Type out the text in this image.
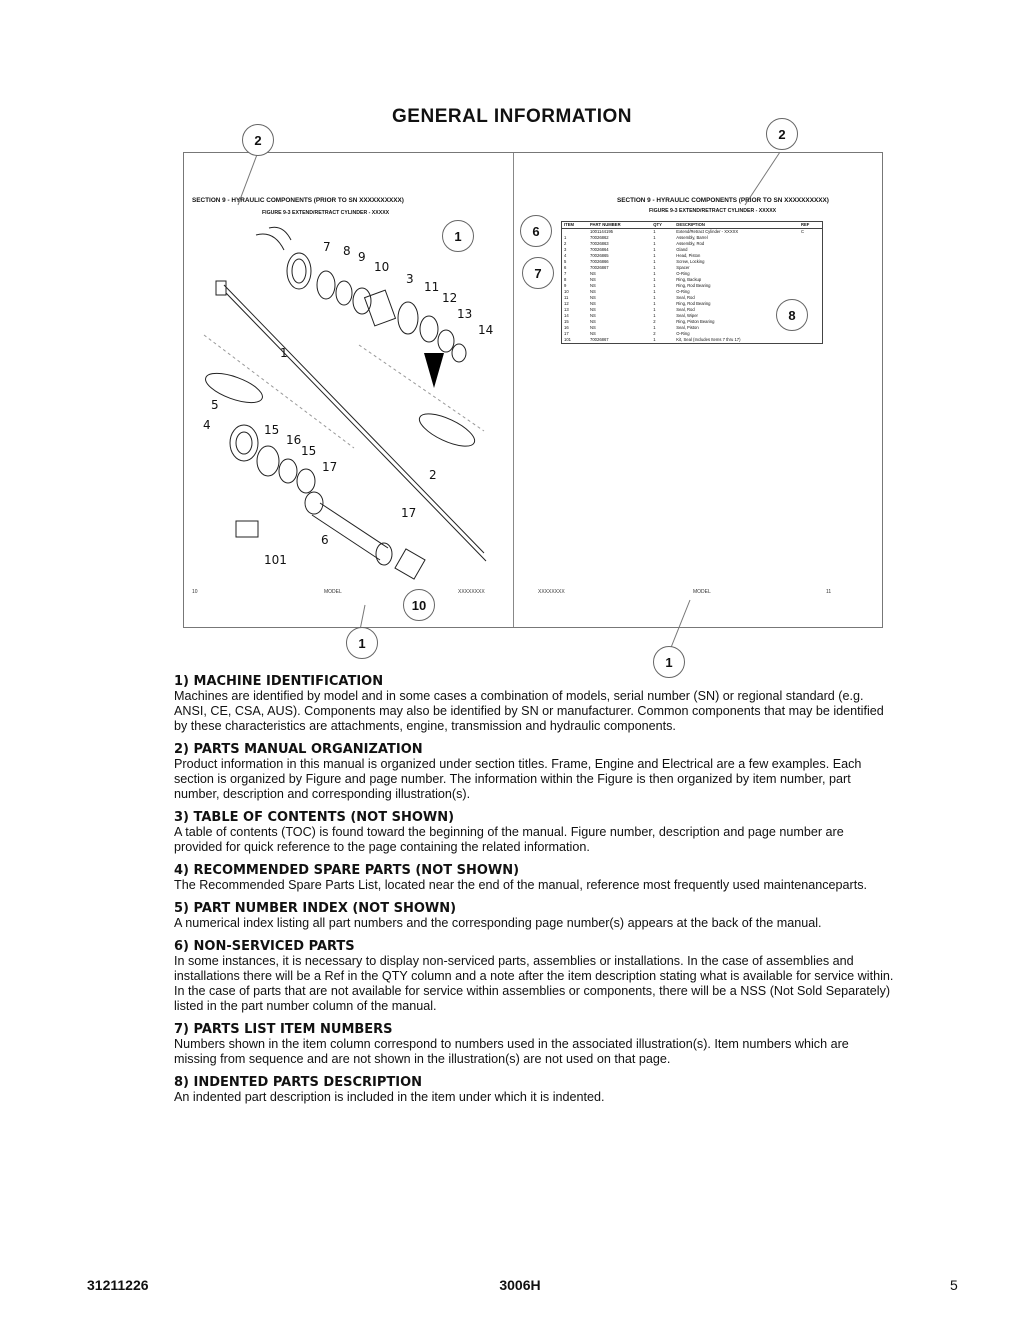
GENERAL INFORMATION
SECTION 9 - HYRAULIC COMPONENTS (PRIOR TO SN XXXXXXXXXX)
FIGURE 9-3 EXTEND/RETRACT CYLINDER - XXXXX
SECTION 9 - HYRAULIC COMPONENTS (PRIOR TO SN XXXXXXXXXX)
FIGURE 9-3 EXTEND/RETRACT CYLINDER - XXXXX
7 8 9
10
3
11
12
13
14
1
5
4	15
16
15
17
2
17
6
101
ITEM	PART NUMBER	QTY	DESCRIPTION	REF
	1001144195	1	Extend/Retract Cylinder - XXXXX	C
1	70026862	1	Assembly, Barrel	
2	70026863	1	Assembly, Rod	
3	70026864	1	Gland	
4	70026865	1	Head, Piston	
5	70026866	1	Screw, Locking	
6	70026867	1	Spacer	
7	NS	1	O-Ring	
8	NS	1	Ring, Backup	
9	NS	1	Ring, Rod Bearing	
10	NS	1	O-Ring	
11	NS	1	Seal, Rod	
12	NS	1	Ring, Rod Bearing	
13	NS	1	Seal, Rod	
14	NS	1	Seal, Wiper	
15	NS	2	Ring, Piston Bearing	
16	NS	1	Seal, Piston	
17	NS	2	O-Ring	
101	70026867	1	Kit, Seal (Includes Items 7 thru 17)	
10	MODEL	XXXXXXXX	XXXXXXXX	MODEL	11
2	2
1	6
7
8
10
1
1
1) MACHINE IDENTIFICATION

Machines are identified by model and in some cases a combination of models, serial number (SN) or regional standard (e.g. ANSI, CE, CSA, AUS). Components may also be identified by SN or manufacturer. Common components that may be identified by these characteristics are attachments, engine, transmission and hydraulic components.

2) PARTS MANUAL ORGANIZATION

Product information in this manual is organized under section titles. Frame, Engine and Electrical are a few examples. Each section is organized by Figure and page number. The information within the Figure is then organized by item number, part number, description and corresponding illustration(s).

3) TABLE OF CONTENTS (NOT SHOWN)

A table of contents (TOC) is found toward the beginning of the manual. Figure number, description and page number are provided for quick reference to the page containing the related information.

4) RECOMMENDED SPARE PARTS (NOT SHOWN)

The Recommended Spare Parts List, located near the end of the manual, reference most frequently used maintenanceparts.

5) PART NUMBER INDEX (NOT SHOWN)

A numerical index listing all part numbers and the corresponding page number(s) appears at the back of the manual.

6) NON-SERVICED PARTS

In some instances, it is necessary to display non-serviced parts, assemblies or installations. In the case of assemblies and installations there will be a Ref in the QTY column and a note after the item description stating what is available for service within. In the case of parts that are not available for service within assemblies or components, there will be a NSS (Not Sold Separately) listed in the part number column of the manual.

7) PARTS LIST ITEM NUMBERS

Numbers shown in the item column correspond to numbers used in the associated illustration(s). Item numbers which are missing from sequence and are not shown in the illustration(s) are not used on that page.

8) INDENTED PARTS DESCRIPTION

An indented part description is included in the item under which it is indented.

31211226	3006H	5
